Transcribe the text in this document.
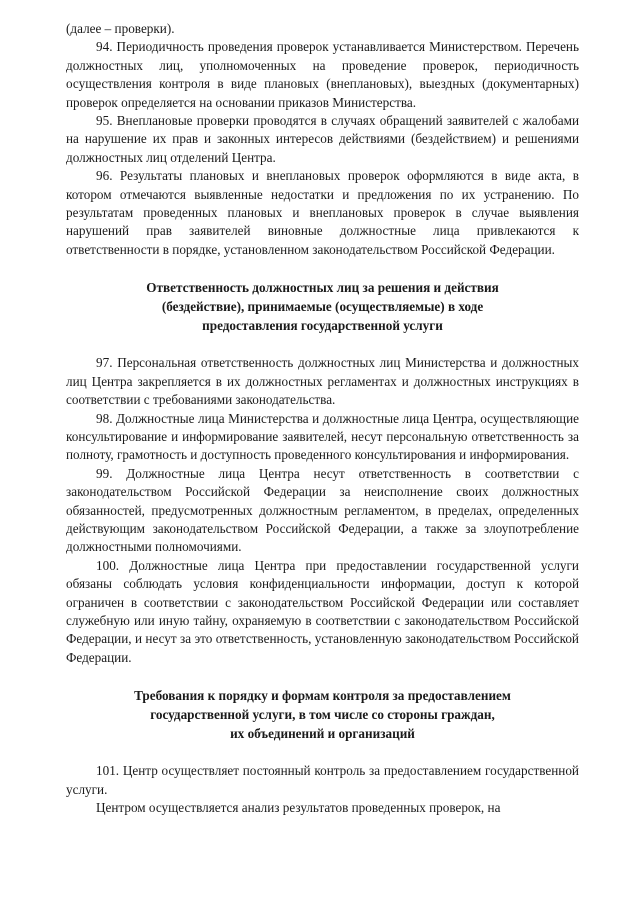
(далее – проверки).

94. Периодичность проведения проверок устанавливается Министерством. Перечень должностных лиц, уполномоченных на проведение проверок, периодичность осуществления контроля в виде плановых (внеплановых), выездных (документарных) проверок определяется на основании приказов Министерства.

95. Внеплановые проверки проводятся в случаях обращений заявителей с жалобами на нарушение их прав и законных интересов действиями (бездействием) и решениями должностных лиц отделений Центра.

96. Результаты плановых и внеплановых проверок оформляются в виде акта, в котором отмечаются выявленные недостатки и предложения по их устранению. По результатам проведенных плановых и внеплановых проверок в случае выявления нарушений прав заявителей виновные должностные лица привлекаются к ответственности в порядке, установленном законодательством Российской Федерации.

Ответственность должностных лиц за решения и действия

(бездействие), принимаемые (осуществляемые) в ходе

предоставления государственной услуги

97. Персональная ответственность должностных лиц Министерства и должностных лиц Центра закрепляется в их должностных регламентах и должностных инструкциях в соответствии с требованиями законодательства.

98. Должностные лица Министерства и должностные лица Центра, осуществляющие консультирование и информирование заявителей, несут персональную ответственность за полноту, грамотность и доступность проведенного консультирования и информирования.

99. Должностные лица Центра несут ответственность в соответствии с законодательством Российской Федерации за неисполнение своих должностных обязанностей, предусмотренных должностным регламентом, в пределах, определенных действующим законодательством Российской Федерации, а также за злоупотребление должностными полномочиями.

100. Должностные лица Центра при предоставлении государственной услуги обязаны соблюдать условия конфиденциальности информации, доступ к которой ограничен в соответствии с законодательством Российской Федерации или составляет служебную или иную тайну, охраняемую в соответствии с законодательством Российской Федерации, и несут за это ответственность, установленную законодательством Российской Федерации.

Требования к порядку и формам контроля за предоставлением

государственной услуги, в том числе со стороны граждан,

их объединений и организаций

101. Центр осуществляет постоянный контроль за предоставлением государственной услуги.

Центром осуществляется анализ результатов проведенных проверок, на
